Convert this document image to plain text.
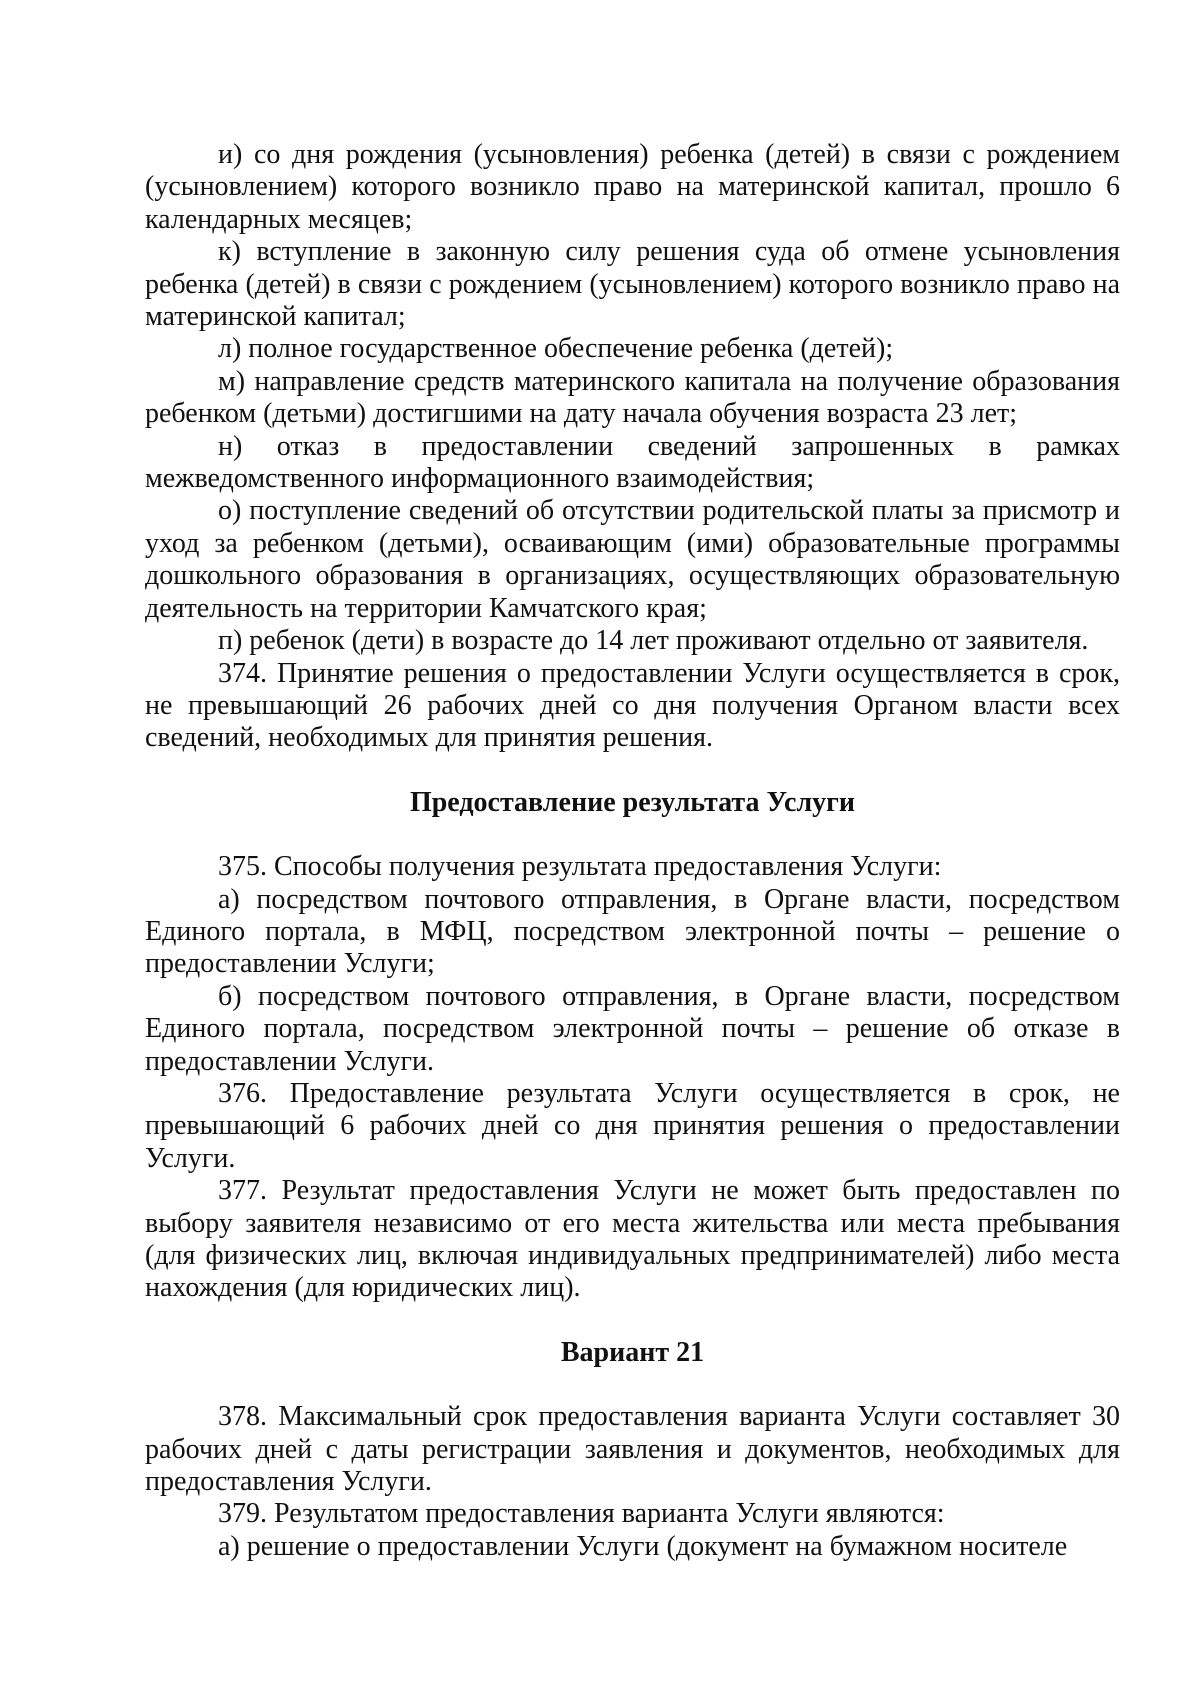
и) со дня рождения (усыновления) ребенка (детей) в связи с рождением (усыновлением) которого возникло право на материнской капитал, прошло 6 календарных месяцев;

к) вступление в законную силу решения суда об отмене усыновления ребенка (детей) в связи с рождением (усыновлением) которого возникло право на материнской капитал;

л) полное государственное обеспечение ребенка (детей);

м) направление средств материнского капитала на получение образования ребенком (детьми) достигшими на дату начала обучения возраста 23 лет;

н) отказ в предоставлении сведений запрошенных в рамках межведомственного информационного взаимодействия;

о) поступление сведений об отсутствии родительской платы за присмотр и уход за ребенком (детьми), осваивающим (ими) образовательные программы дошкольного образования в организациях, осуществляющих образовательную деятельность на территории Камчатского края;

п) ребенок (дети) в возрасте до 14 лет проживают отдельно от заявителя.

374. Принятие решения о предоставлении Услуги осуществляется в срок, не превышающий 26 рабочих дней со дня получения Органом власти всех сведений, необходимых для принятия решения.

Предоставление результата Услуги

375. Способы получения результата предоставления Услуги:

а) посредством почтового отправления, в Органе власти, посредством Единого портала, в МФЦ, посредством электронной почты – решение о предоставлении Услуги;

б) посредством почтового отправления, в Органе власти, посредством Единого портала, посредством электронной почты – решение об отказе в предоставлении Услуги.

376. Предоставление результата Услуги осуществляется в срок, не превышающий 6 рабочих дней со дня принятия решения о предоставлении Услуги.

377. Результат предоставления Услуги не может быть предоставлен по выбору заявителя независимо от его места жительства или места пребывания (для физических лиц, включая индивидуальных предпринимателей) либо места нахождения (для юридических лиц).

Вариант 21

378. Максимальный срок предоставления варианта Услуги составляет 30 рабочих дней с даты регистрации заявления и документов, необходимых для предоставления Услуги.

379. Результатом предоставления варианта Услуги являются:

а) решение о предоставлении Услуги (документ на бумажном носителе
